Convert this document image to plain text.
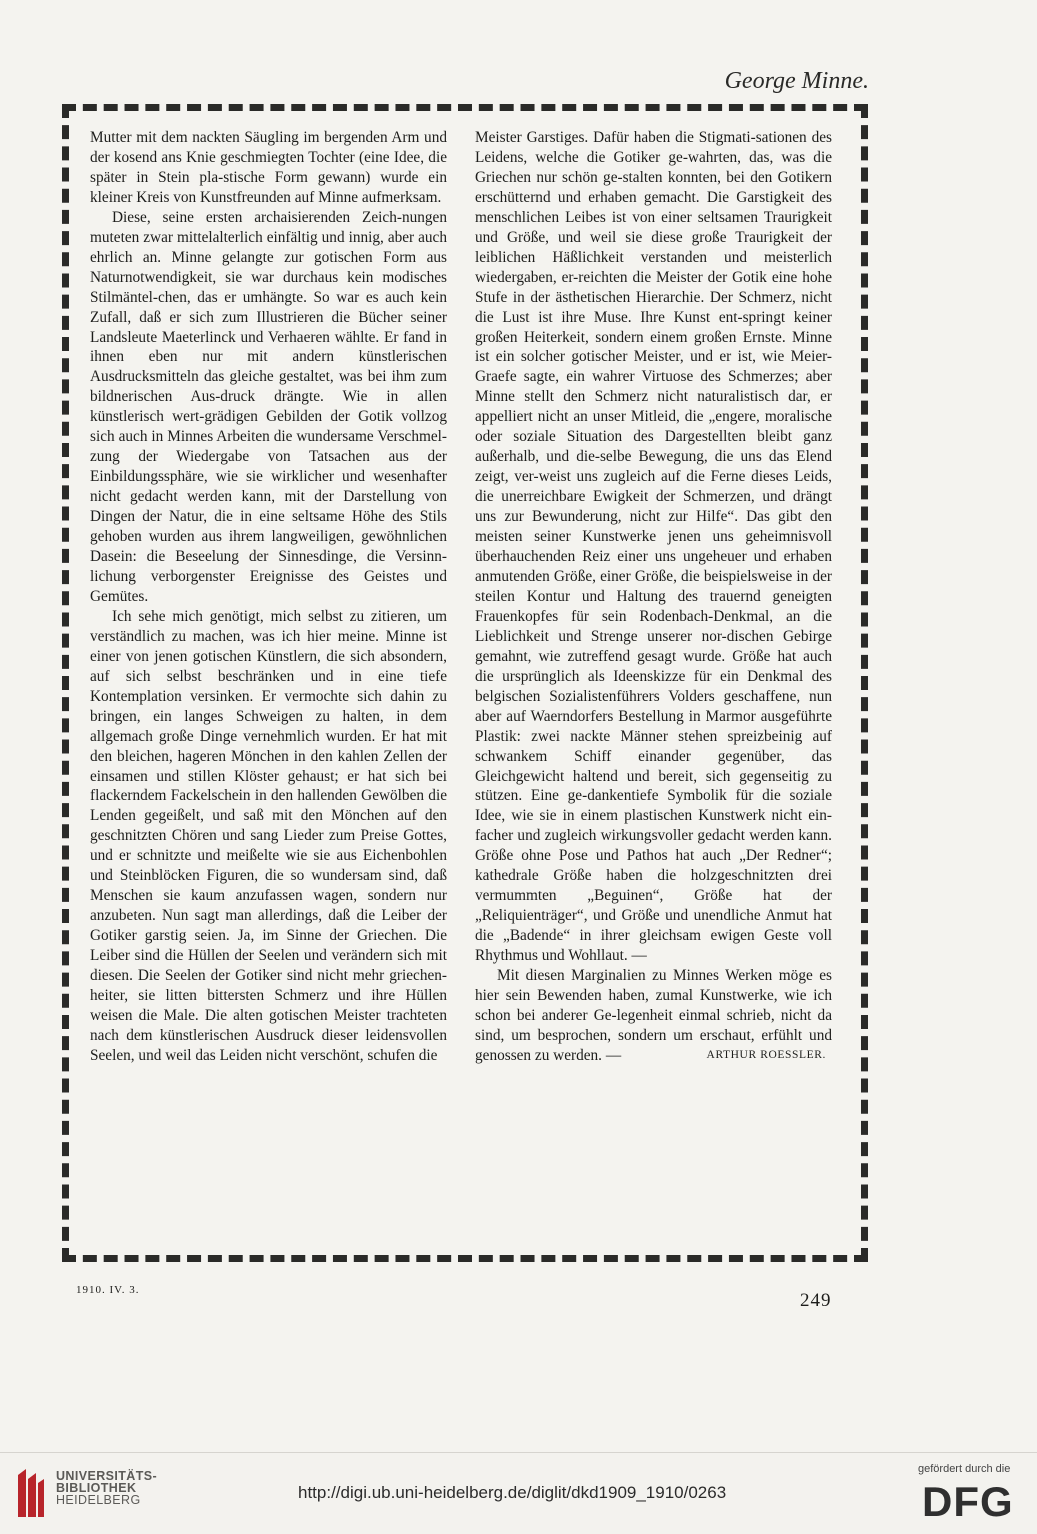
George Minne.

Mutter mit dem nackten Säugling im bergenden Arm und der kosend ans Knie geschmiegten Tochter (eine Idee, die später in Stein pla-stische Form gewann) wurde ein kleiner Kreis von Kunstfreunden auf Minne aufmerksam.

Diese, seine ersten archaisierenden Zeich-nungen muteten zwar mittelalterlich einfältig und innig, aber auch ehrlich an. Minne gelangte zur gotischen Form aus Naturnotwendigkeit, sie war durchaus kein modisches Stilmäntel-chen, das er umhängte. So war es auch kein Zufall, daß er sich zum Illustrieren die Bücher seiner Landsleute Maeterlinck und Verhaeren wählte. Er fand in ihnen eben nur mit andern künstlerischen Ausdrucksmitteln das gleiche gestaltet, was bei ihm zum bildnerischen Aus-druck drängte. Wie in allen künstlerisch wert-grädigen Gebilden der Gotik vollzog sich auch in Minnes Arbeiten die wundersame Verschmel-zung der Wiedergabe von Tatsachen aus der Einbildungssphäre, wie sie wirklicher und wesenhafter nicht gedacht werden kann, mit der Darstellung von Dingen der Natur, die in eine seltsame Höhe des Stils gehoben wurden aus ihrem langweiligen, gewöhnlichen Dasein: die Beseelung der Sinnesdinge, die Versinn-lichung verborgenster Ereignisse des Geistes und Gemütes.

Ich sehe mich genötigt, mich selbst zu zitieren, um verständlich zu machen, was ich hier meine. Minne ist einer von jenen gotischen Künstlern, die sich absondern, auf sich selbst beschränken und in eine tiefe Kontemplation versinken. Er vermochte sich dahin zu bringen, ein langes Schweigen zu halten, in dem allgemach große Dinge vernehmlich wurden. Er hat mit den bleichen, hageren Mönchen in den kahlen Zellen der einsamen und stillen Klöster gehaust; er hat sich bei flackerndem Fackelschein in den hallenden Gewölben die Lenden gegeißelt, und saß mit den Mönchen auf den geschnitzten Chören und sang Lieder zum Preise Gottes, und er schnitzte und meißelte wie sie aus Eichenbohlen und Steinblöcken Figuren, die so wundersam sind, daß Menschen sie kaum anzufassen wagen, sondern nur anzubeten. Nun sagt man allerdings, daß die Leiber der Gotiker garstig seien. Ja, im Sinne der Griechen. Die Leiber sind die Hüllen der Seelen und verändern sich mit diesen. Die Seelen der Gotiker sind nicht mehr griechen-heiter, sie litten bittersten Schmerz und ihre Hüllen weisen die Male. Die alten gotischen Meister trachteten nach dem künstlerischen Ausdruck dieser leidensvollen Seelen, und weil das Leiden nicht verschönt, schufen die

Meister Garstiges. Dafür haben die Stigmati-sationen des Leidens, welche die Gotiker ge-wahrten, das, was die Griechen nur schön ge-stalten konnten, bei den Gotikern erschütternd und erhaben gemacht. Die Garstigkeit des menschlichen Leibes ist von einer seltsamen Traurigkeit und Größe, und weil sie diese große Traurigkeit der leiblichen Häßlichkeit verstanden und meisterlich wiedergaben, er-reichten die Meister der Gotik eine hohe Stufe in der ästhetischen Hierarchie. Der Schmerz, nicht die Lust ist ihre Muse. Ihre Kunst ent-springt keiner großen Heiterkeit, sondern einem großen Ernste. Minne ist ein solcher gotischer Meister, und er ist, wie Meier-Graefe sagte, ein wahrer Virtuose des Schmerzes; aber Minne stellt den Schmerz nicht naturalistisch dar, er appelliert nicht an unser Mitleid, die „engere, moralische oder soziale Situation des Dargestellten bleibt ganz außerhalb, und die-selbe Bewegung, die uns das Elend zeigt, ver-weist uns zugleich auf die Ferne dieses Leids, die unerreichbare Ewigkeit der Schmerzen, und drängt uns zur Bewunderung, nicht zur Hilfe“. Das gibt den meisten seiner Kunstwerke jenen uns geheimnisvoll überhauchenden Reiz einer uns ungeheuer und erhaben anmutenden Größe, einer Größe, die beispielsweise in der steilen Kontur und Haltung des trauernd geneigten Frauenkopfes für sein Rodenbach-Denkmal, an die Lieblichkeit und Strenge unserer nor-dischen Gebirge gemahnt, wie zutreffend gesagt wurde. Größe hat auch die ursprünglich als Ideenskizze für ein Denkmal des belgischen Sozialistenführers Volders geschaffene, nun aber auf Waerndorfers Bestellung in Marmor ausgeführte Plastik: zwei nackte Männer stehen spreizbeinig auf schwankem Schiff einander gegenüber, das Gleichgewicht haltend und bereit, sich gegenseitig zu stützen. Eine ge-dankentiefe Symbolik für die soziale Idee, wie sie in einem plastischen Kunstwerk nicht ein-facher und zugleich wirkungsvoller gedacht werden kann. Größe ohne Pose und Pathos hat auch „Der Redner“; kathedrale Größe haben die holzgeschnitzten drei vermummten „Beguinen“, Größe hat der „Reliquienträger“, und Größe und unendliche Anmut hat die „Badende“ in ihrer gleichsam ewigen Geste voll Rhythmus und Wohllaut. —

Mit diesen Marginalien zu Minnes Werken möge es hier sein Bewenden haben, zumal Kunstwerke, wie ich schon bei anderer Ge-legenheit einmal schrieb, nicht da sind, um besprochen, sondern um erschaut, erfühlt und genossen zu werden. —	ARTHUR ROESSLER.

1910. IV. 3.	249
UNIVERSITÄTS-
BIBLIOTHEK
HEIDELBERG	http://digi.ub.uni-heidelberg.de/diglit/dkd1909_1910/0263
gefördert durch die
DFG
